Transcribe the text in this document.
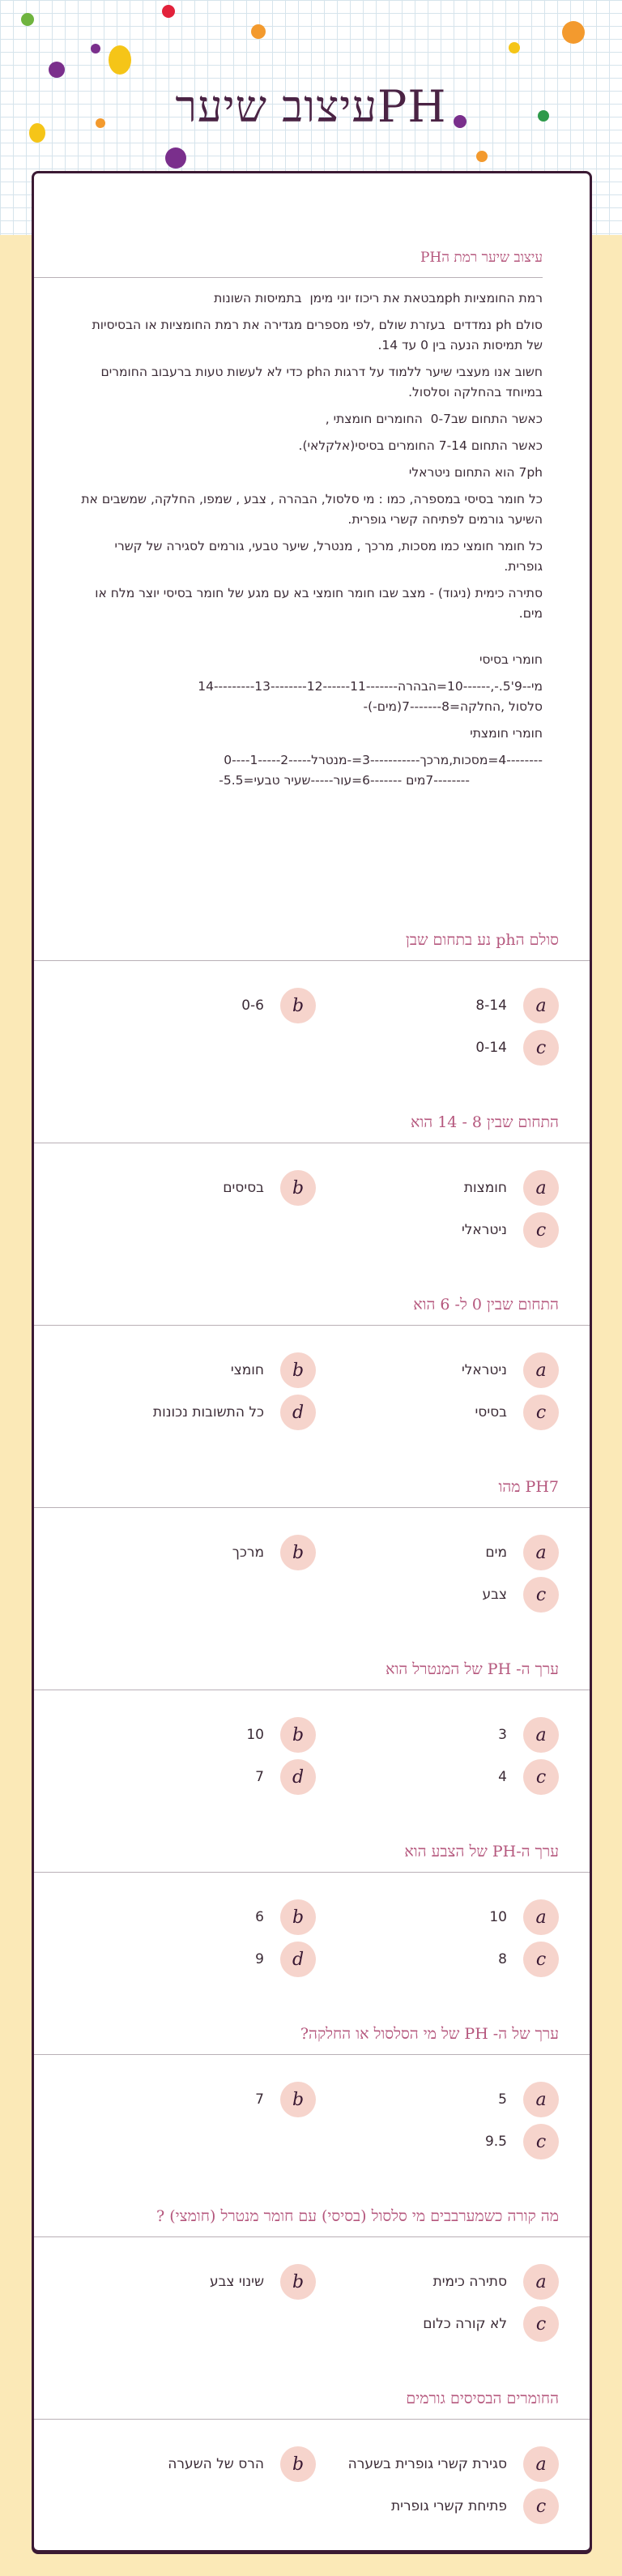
עיצוב שיערPH
עיצוב שיער רמת הPH

רמת החומציות phמבטאת את ריכוז יוני מימן  בתמיסות השונות

סולם ph נמדדים  בעזרת שולם ,לפי מספרים מגדירה את רמת החומציות או הבסיסיות של תמיסות הנעה בין 0 עד 14.

חשוב אנו מעצבי שיער ללמוד על דרגות הph כדי לא לעשות טעות ברעבוב החומרים במיוחד בהחלקה וסלסול.

כאשר התחום שב0-7  החומרים חומצתי ,

כאשר התחום 7-14 החומרים בסיסי(אלקלאי).

7ph הוא התחום ניטראלי

כל חומר בסיסי במספרה, כמו : מי סלסול, הבהרה , צבע , שמפו, החלקה, שמשבים את השיער גורמים לפתיחה קשרי גופרית.

כל חומר חומצי כמו מסכות, מרכך , מנטרל, שיער טבעי, גורמים לסגירה של קשרי גופרית.

סתירה כימית (ניגוד) - מצב שבו חומר חומצי בא עם מגע של חומר בסיסי יוצר מלח או מים.

חומרי בסיסי

מי--9'5.-,------10=הבהרה-------11------12--------13---------14

סלסול ,החלקה=8-------7(מים-)-

חומרי חומצתי

--------4=מסכות,מרכך-----------3=-מנטרל-----2-----1----0

--------7מים -------6=עור-----שעיר טבעי=5.5-

סולם הph נע בתחום שבן
a
8-14
b
0-6
c
0-14
התחום שבין 8 - 14 הוא
a
חומצות
b
בסיסים
c
ניטראלי
התחום שבין 0 ל- 6 הוא
a
ניטראלי
b
חומצי
c
בסיסי
d
כל התשובות נכונות
PH7 מהו
a
מים
b
מרכך
c
צבע
ערך ה- PH של המנטרל הוא
a
3
b
10
c
4
d
7
ערך ה-PH של הצבע הוא
a
10
b
6
c
8
d
9
ערך של ה- PH של מי הסלסול או החלקה?
a
5
b
7
c
9.5
מה קורה כשמערבבים מי סלסול (בסיסי) עם חומר מנטרל (חומצי) ?
a
סתירה כימית
b
שינוי צבע
c
לא קורה כלום
החומרים הבסיסים גורמים
a
סגירת קשרי גופרית בשערה
b
הרס של השערה
c
פתיחת קשרי גופרית
